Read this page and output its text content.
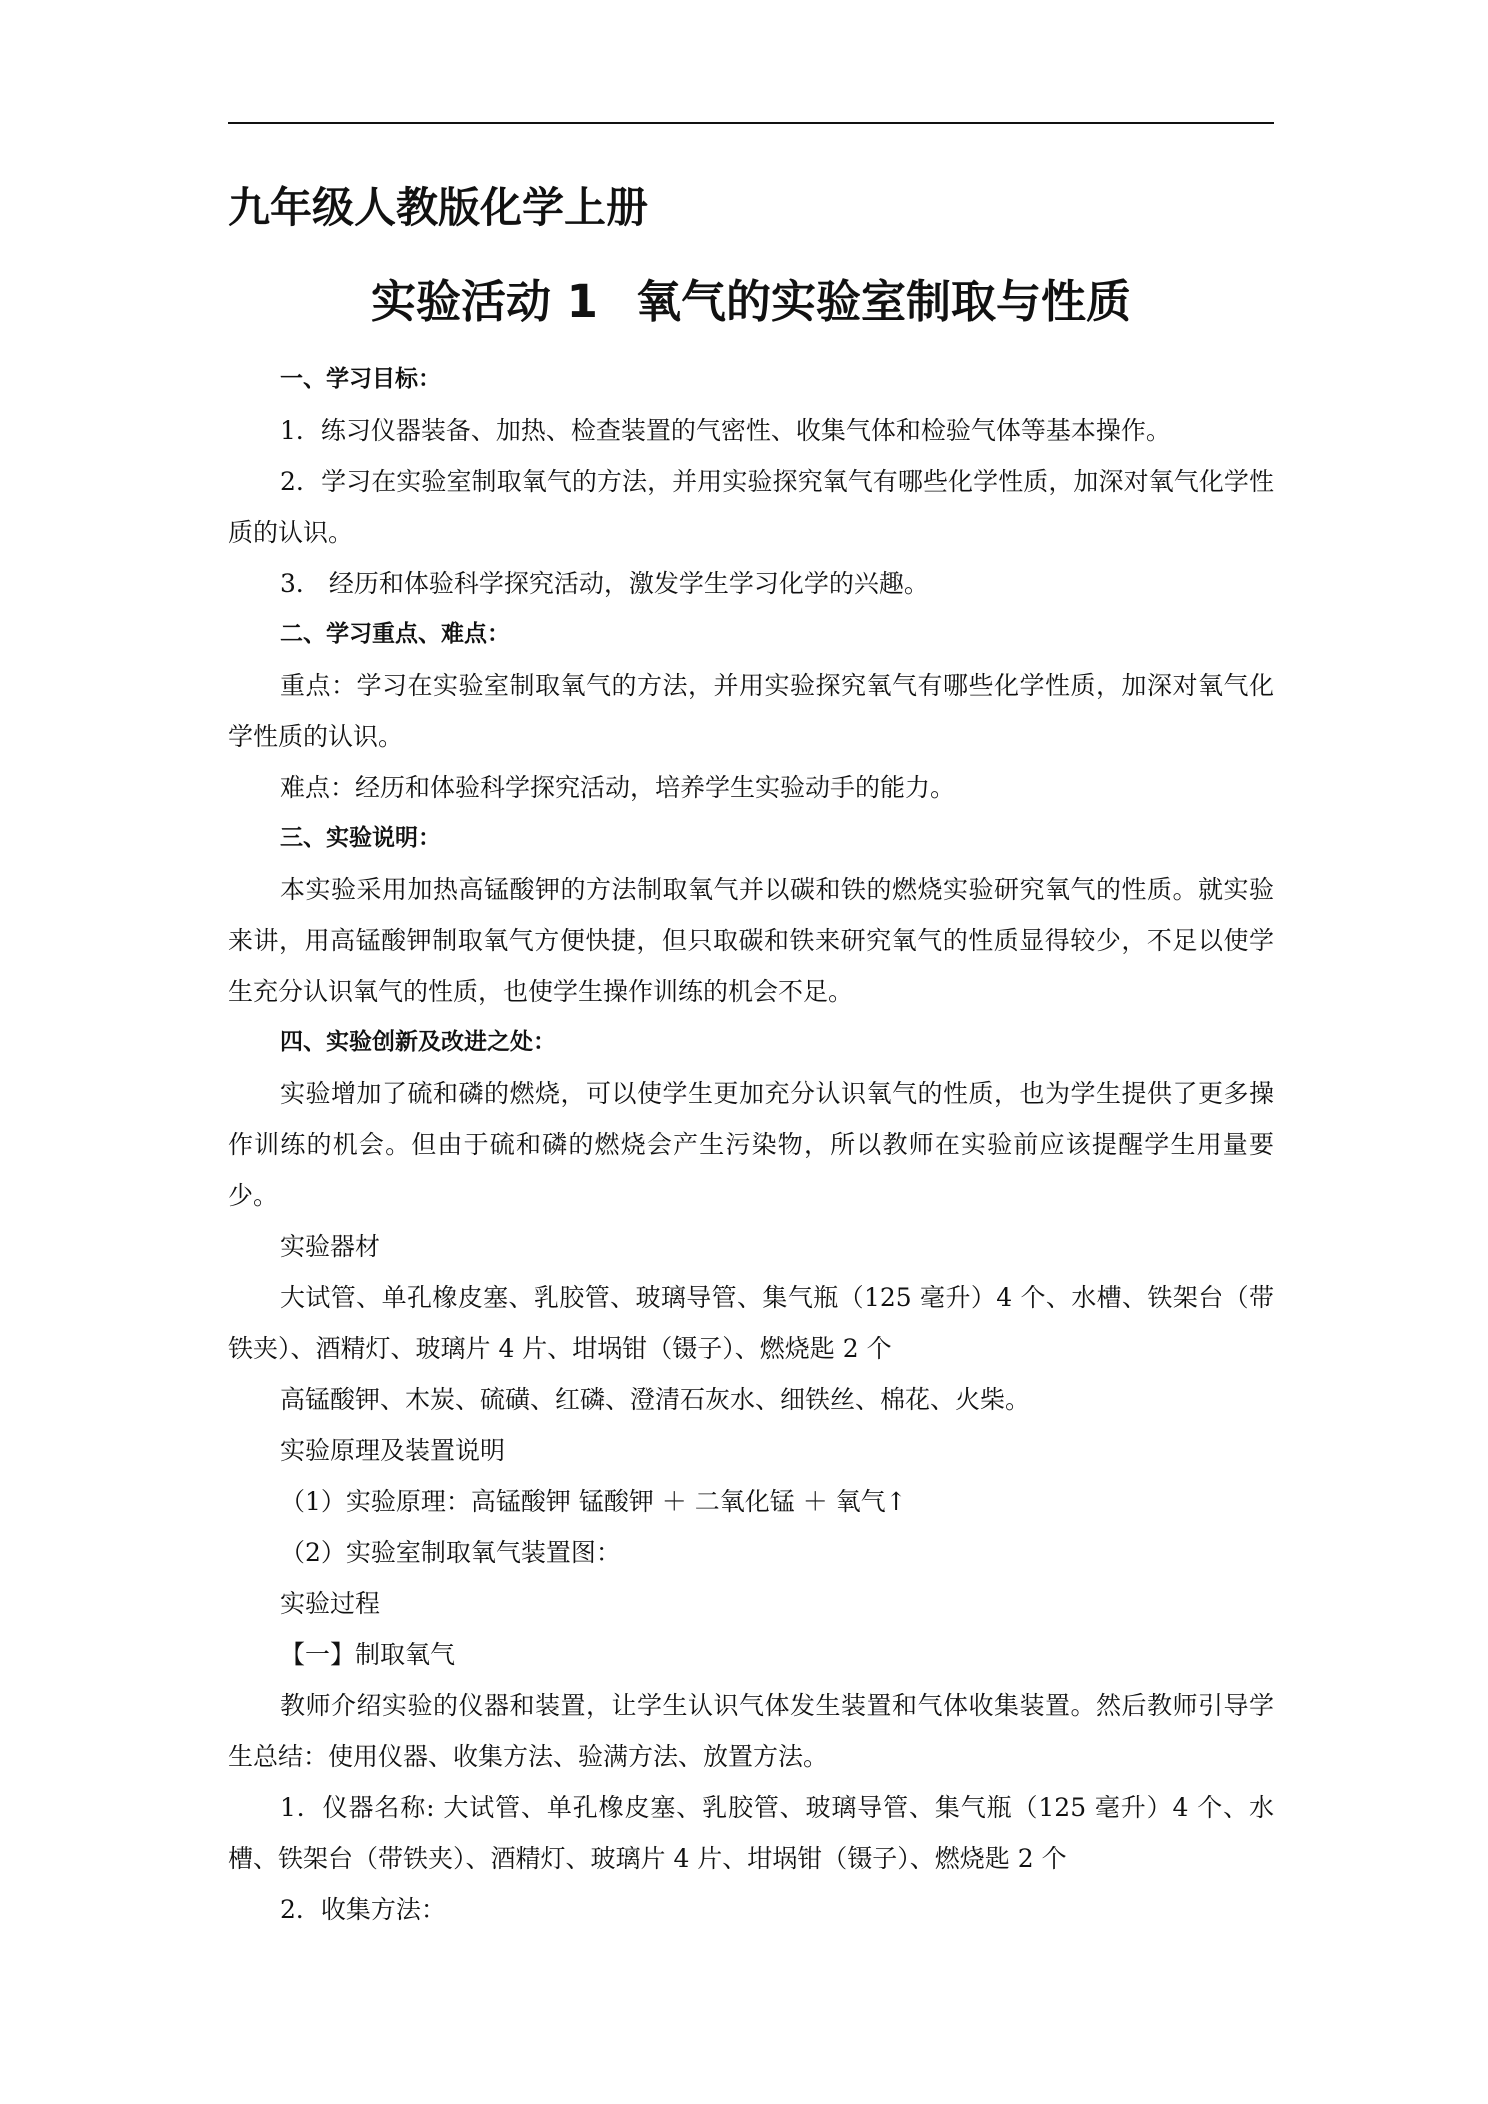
九年级人教版化学上册
实验活动 1 氧气的实验室制取与性质

一、学习目标：

1．练习仪器装备、加热、检查装置的气密性、收集气体和检验气体等基本操作。

2．学习在实验室制取氧气的方法，并用实验探究氧气有哪些化学性质，加深对氧气化学性质的认识。

3． 经历和体验科学探究活动，激发学生学习化学的兴趣。

二、学习重点、难点：

重点：学习在实验室制取氧气的方法，并用实验探究氧气有哪些化学性质，加深对氧气化学性质的认识。

难点：经历和体验科学探究活动，培养学生实验动手的能力。

三、实验说明：

本实验采用加热高锰酸钾的方法制取氧气并以碳和铁的燃烧实验研究氧气的性质。就实验来讲，用高锰酸钾制取氧气方便快捷，但只取碳和铁来研究氧气的性质显得较少，不足以使学生充分认识氧气的性质，也使学生操作训练的机会不足。

四、实验创新及改进之处：

实验增加了硫和磷的燃烧，可以使学生更加充分认识氧气的性质，也为学生提供了更多操作训练的机会。但由于硫和磷的燃烧会产生污染物，所以教师在实验前应该提醒学生用量要少。

实验器材

大试管、单孔橡皮塞、乳胶管、玻璃导管、集气瓶（125 毫升）4 个、水槽、铁架台（带铁夹）、酒精灯、玻璃片 4 片、坩埚钳（镊子）、燃烧匙 2 个

高锰酸钾、木炭、硫磺、红磷、澄清石灰水、细铁丝、棉花、火柴。

实验原理及装置说明

（1）实验原理：高锰酸钾 锰酸钾 ＋ 二氧化锰 ＋ 氧气↑

（2）实验室制取氧气装置图：

实验过程

【一】制取氧气

教师介绍实验的仪器和装置，让学生认识气体发生装置和气体收集装置。然后教师引导学生总结：使用仪器、收集方法、验满方法、放置方法。

1．仪器名称: 大试管、单孔橡皮塞、乳胶管、玻璃导管、集气瓶（125 毫升）4 个、水槽、铁架台（带铁夹）、酒精灯、玻璃片 4 片、坩埚钳（镊子）、燃烧匙 2 个

2．收集方法：
